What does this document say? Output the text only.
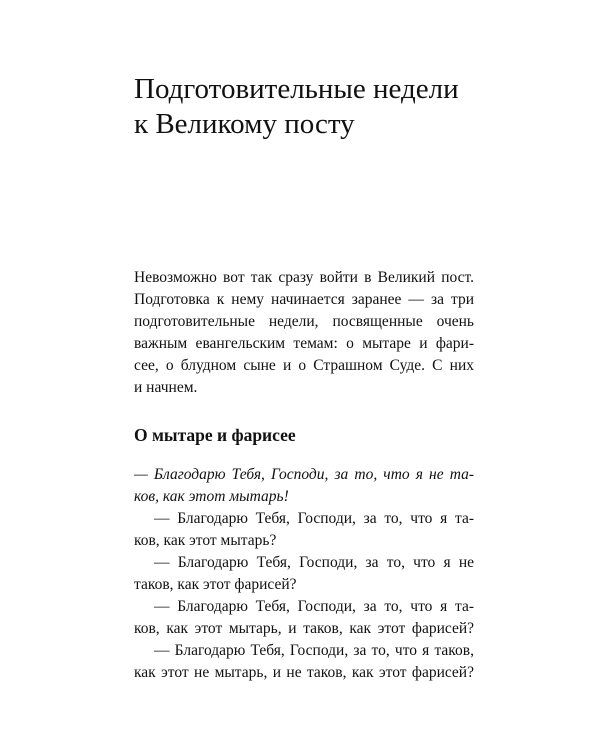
Подготовительные недели
к Великому посту

Невозможно вот так сразу войти в Великий пост.
Подготовка к нему начинается заранее — за три
подготовительные недели, посвященные очень
важным евангельским темам: о мытаре и фари-
сее, о блудном сыне и о Страшном Суде. С них
и начнем.

О мытаре и фарисее
— Благодарю Тебя, Господи, за то, что я не та-
ков, как этот мытарь!
— Благодарю Тебя, Господи, за то, что я та-
ков, как этот мытарь?
— Благодарю Тебя, Господи, за то, что я не
таков, как этот фарисей?
— Благодарю Тебя, Господи, за то, что я та-
ков, как этот мытарь, и таков, как этот фарисей?
— Благодарю Тебя, Господи, за то, что я таков,
как этот не мытарь, и не таков, как этот фарисей?
